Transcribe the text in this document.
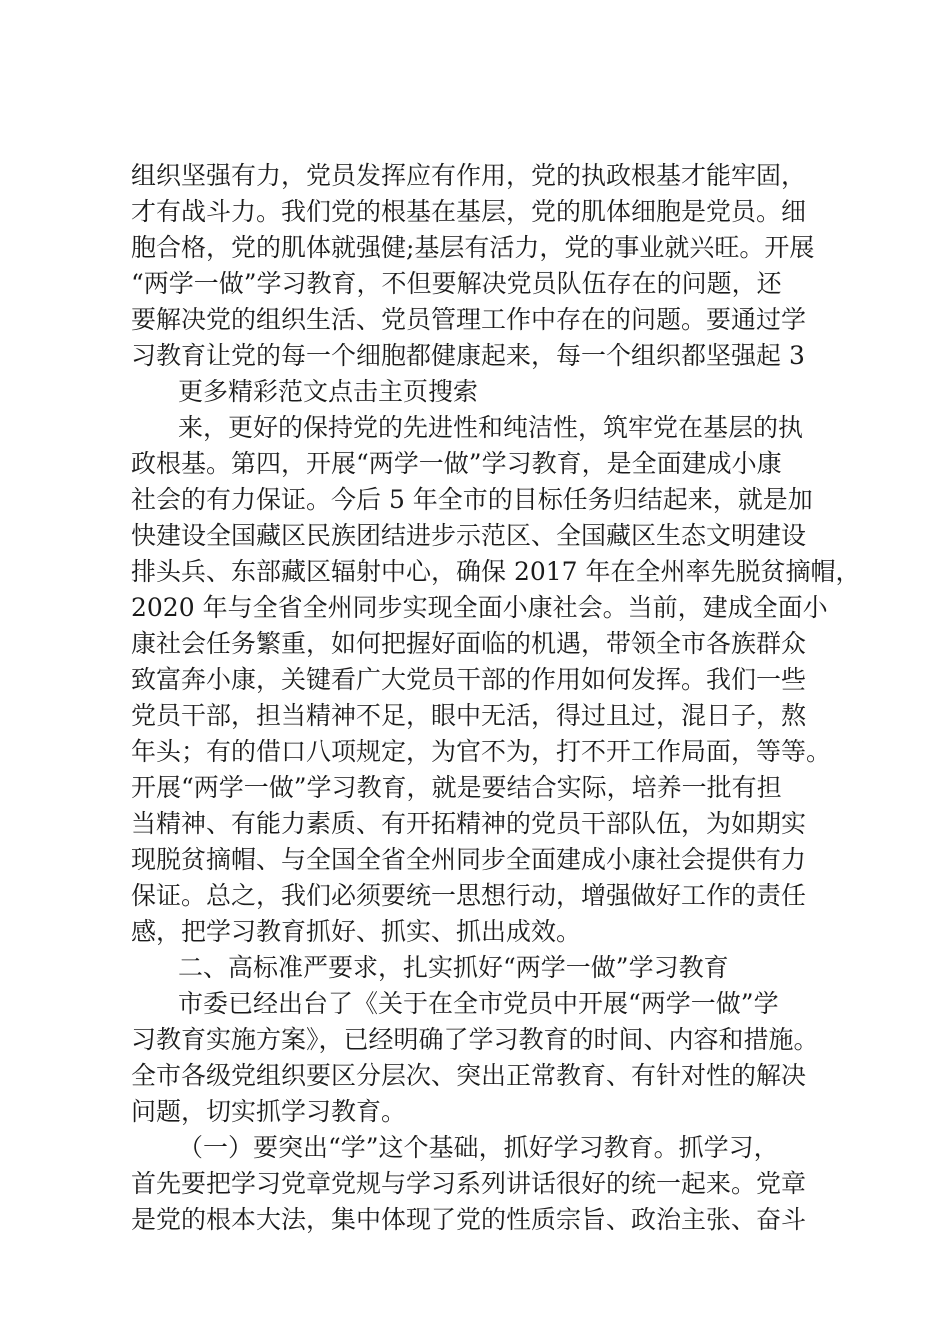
组织坚强有力，党员发挥应有作用，党的执政根基才能牢固，
才有战斗力。我们党的根基在基层，党的肌体细胞是党员。细
胞合格，党的肌体就强健;基层有活力，党的事业就兴旺。开展
“两学一做”学习教育，不但要解决党员队伍存在的问题，还
要解决党的组织生活、党员管理工作中存在的问题。要通过学
习教育让党的每一个细胞都健康起来，每一个组织都坚强起 3
更多精彩范文点击主页搜索
来，更好的保持党的先进性和纯洁性，筑牢党在基层的执
政根基。第四，开展“两学一做”学习教育，是全面建成小康
社会的有力保证。今后 5 年全市的目标任务归结起来，就是加
快建设全国藏区民族团结进步示范区、全国藏区生态文明建设
排头兵、东部藏区辐射中心，确保 2017 年在全州率先脱贫摘帽，
2020 年与全省全州同步实现全面小康社会。当前，建成全面小
康社会任务繁重，如何把握好面临的机遇，带领全市各族群众
致富奔小康，关键看广大党员干部的作用如何发挥。我们一些
党员干部，担当精神不足，眼中无活，得过且过，混日子，熬
年头；有的借口八项规定，为官不为，打不开工作局面，等等。
开展“两学一做”学习教育，就是要结合实际，培养一批有担
当精神、有能力素质、有开拓精神的党员干部队伍，为如期实
现脱贫摘帽、与全国全省全州同步全面建成小康社会提供有力
保证。总之，我们必须要统一思想行动，增强做好工作的责任
感，把学习教育抓好、抓实、抓出成效。
二、高标准严要求，扎实抓好“两学一做”学习教育
市委已经出台了《关于在全市党员中开展“两学一做”学
习教育实施方案》，已经明确了学习教育的时间、内容和措施。
全市各级党组织要区分层次、突出正常教育、有针对性的解决
问题，切实抓学习教育。
（一）要突出“学”这个基础，抓好学习教育。抓学习，
首先要把学习党章党规与学习系列讲话很好的统一起来。党章
是党的根本大法，集中体现了党的性质宗旨、政治主张、奋斗
